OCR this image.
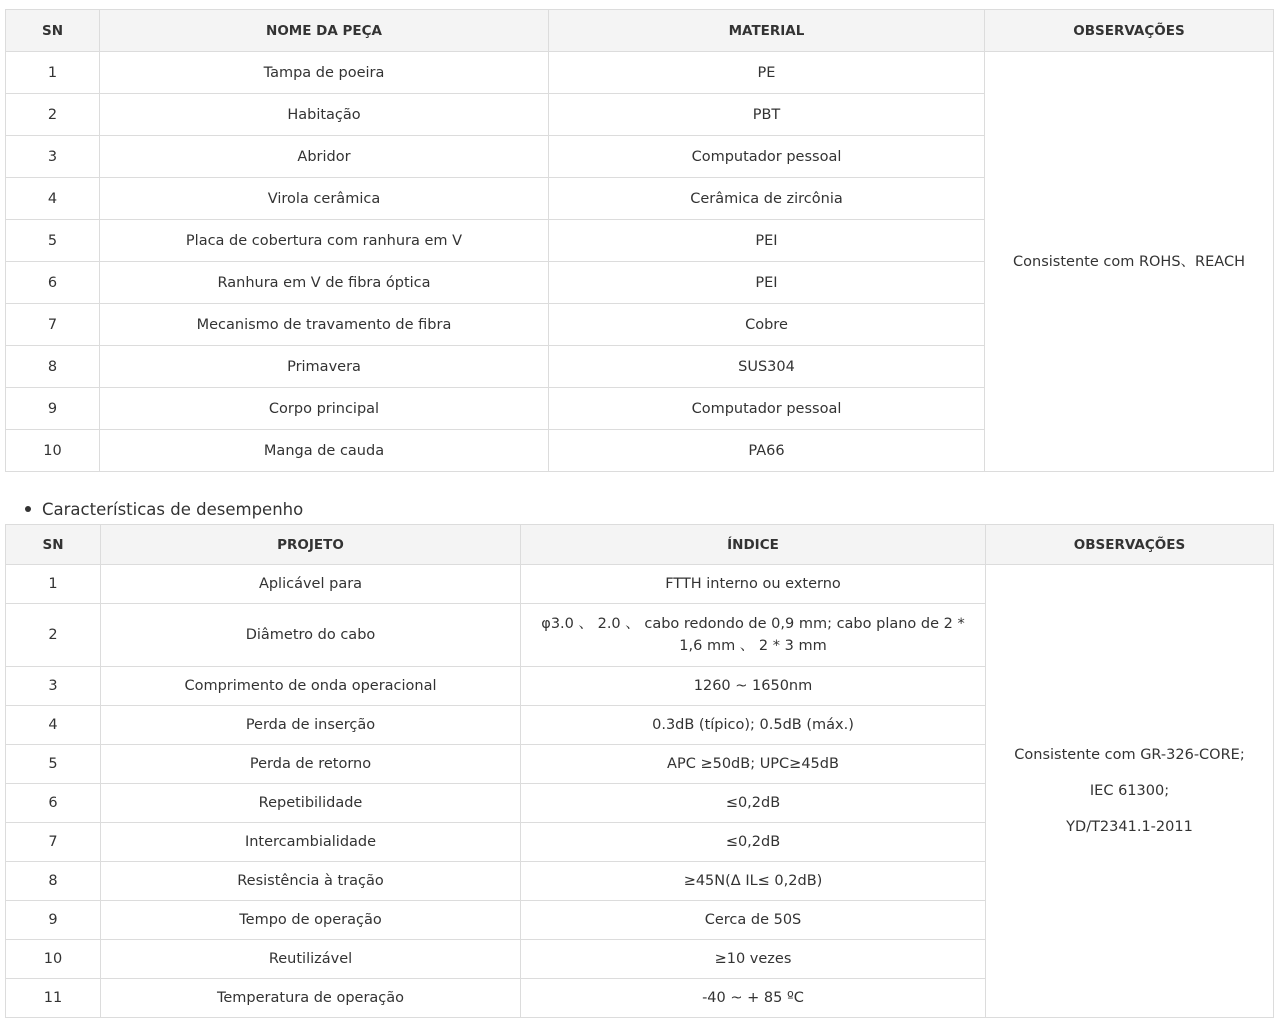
SN	NOME DA PEÇA	MATERIAL	OBSERVAÇÕES
1	Tampa de poeira	PE	Consistente com ROHS、REACH
2	Habitação	PBT	
3	Abridor	Computador pessoal	
4	Virola cerâmica	Cerâmica de zircônia	
5	Placa de cobertura com ranhura em V	PEI	
6	Ranhura em V de fibra óptica	PEI	
7	Mecanismo de travamento de fibra	Cobre	
8	Primavera	SUS304	
9	Corpo principal	Computador pessoal	
10	Manga de cauda	PA66	
Características de desempenho
SN	PROJETO	ÍNDICE	OBSERVAÇÕES
1	Aplicável para	FTTH interno ou externo	Consistente com GR-326-CORE;
IEC 61300;
YD/T2341.1-2011

2	Diâmetro do cabo	φ3.0 、 2.0 、 cabo redondo de 0,9 mm; cabo plano de 2 * 1,6 mm 、 2 * 3 mm	
3	Comprimento de onda operacional	1260 ~ 1650nm	
4	Perda de inserção	0.3dB (típico); 0.5dB (máx.)	
5	Perda de retorno	APC ≥50dB; UPC≥45dB	
6	Repetibilidade	≤0,2dB	
7	Intercambialidade	≤0,2dB	
8	Resistência à tração	≥45N(Δ IL≤ 0,2dB)	
9	Tempo de operação	Cerca de 50S	
10	Reutilizável	≥10 vezes	
11	Temperatura de operação	-40 ~ + 85 ºC	
